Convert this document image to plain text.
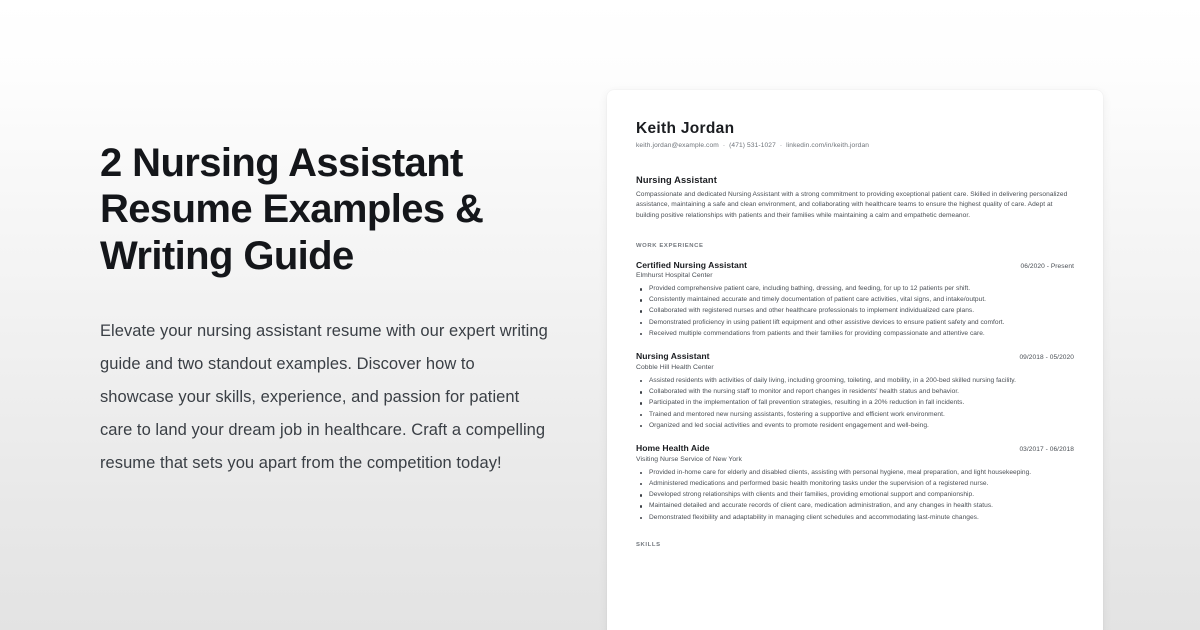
2 Nursing Assistant Resume Examples & Writing Guide

Elevate your nursing assistant resume with our expert writing guide and two standout examples. Discover how to showcase your skills, experience, and passion for patient care to land your dream job in healthcare. Craft a compelling resume that sets you apart from the competition today!

Keith Jordan
keith.jordan@example.com · (471) 531-1027 · linkedin.com/in/keith.jordan
Nursing Assistant
Compassionate and dedicated Nursing Assistant with a strong commitment to providing exceptional patient care. Skilled in delivering personalized assistance, maintaining a safe and clean environment, and collaborating with healthcare teams to ensure the highest quality of care. Adept at building positive relationships with patients and their families while maintaining a calm and empathetic demeanor.
WORK EXPERIENCE
Certified Nursing Assistant	06/2020 - Present
Elmhurst Hospital Center
Provided comprehensive patient care, including bathing, dressing, and feeding, for up to 12 patients per shift.
Consistently maintained accurate and timely documentation of patient care activities, vital signs, and intake/output.
Collaborated with registered nurses and other healthcare professionals to implement individualized care plans.
Demonstrated proficiency in using patient lift equipment and other assistive devices to ensure patient safety and comfort.
Received multiple commendations from patients and their families for providing compassionate and attentive care.
Nursing Assistant	09/2018 - 05/2020
Cobble Hill Health Center
Assisted residents with activities of daily living, including grooming, toileting, and mobility, in a 200-bed skilled nursing facility.
Collaborated with the nursing staff to monitor and report changes in residents' health status and behavior.
Participated in the implementation of fall prevention strategies, resulting in a 20% reduction in fall incidents.
Trained and mentored new nursing assistants, fostering a supportive and efficient work environment.
Organized and led social activities and events to promote resident engagement and well-being.
Home Health Aide	03/2017 - 06/2018
Visiting Nurse Service of New York
Provided in-home care for elderly and disabled clients, assisting with personal hygiene, meal preparation, and light housekeeping.
Administered medications and performed basic health monitoring tasks under the supervision of a registered nurse.
Developed strong relationships with clients and their families, providing emotional support and companionship.
Maintained detailed and accurate records of client care, medication administration, and any changes in health status.
Demonstrated flexibility and adaptability in managing client schedules and accommodating last-minute changes.
SKILLS
